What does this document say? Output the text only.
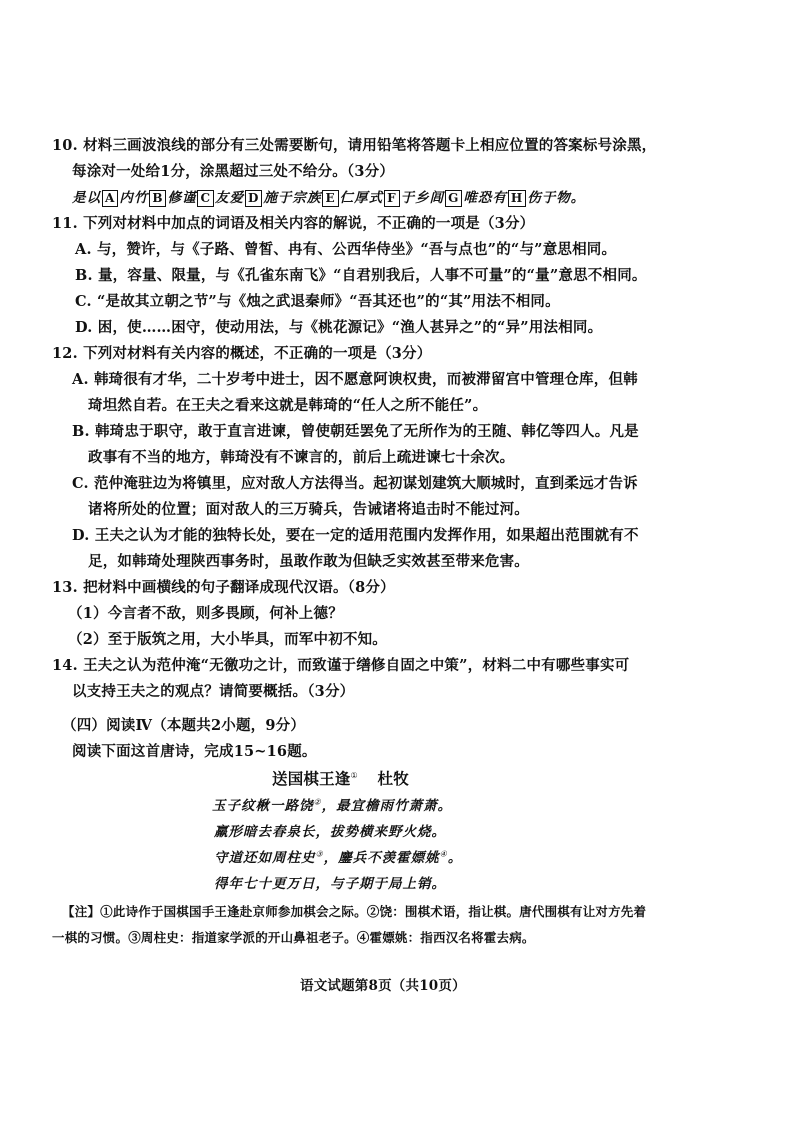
10. 材料三画波浪线的部分有三处需要断句，请用铅笔将答题卡上相应位置的答案标号涂黑，
每涂对一处给1分，涂黑超过三处不给分。（3分）
是以 A 内竹 B 修谨 C 友爱 D 施于宗族 E 仁厚式 F 于乡闾 G 唯恐有 H 伤于物。
11. 下列对材料中加点的词语及相关内容的解说，不正确的一项是（3分）
A. 与，赞许，与《子路、曾皙、冉有、公西华侍坐》“吾与点也”的“与”意思相同。
B. 量，容量、限量，与《孔雀东南飞》“自君别我后，人事不可量”的“量”意思不相同。
C. “是故其立朝之节”与《烛之武退秦师》“吾其还也”的“其”用法不相同。
D. 困，使……困守，使动用法，与《桃花源记》“渔人甚异之”的“异”用法相同。
12. 下列对材料有关内容的概述，不正确的一项是（3分）
A. 韩琦很有才华，二十岁考中进士，因不愿意阿谀权贵，而被滞留宫中管理仓库，但韩
琦坦然自若。在王夫之看来这就是韩琦的“任人之所不能任”。
B. 韩琦忠于职守，敢于直言进谏，曾使朝廷罢免了无所作为的王随、韩亿等四人。凡是
政事有不当的地方，韩琦没有不谏言的，前后上疏进谏七十余次。
C. 范仲淹驻边为将镇里，应对敌人方法得当。起初谋划建筑大顺城时，直到柔远才告诉
诸将所处的位置；面对敌人的三万骑兵，告诫诸将追击时不能过河。
D. 王夫之认为才能的独特长处，要在一定的适用范围内发挥作用，如果超出范围就有不
足，如韩琦处理陕西事务时，虽敢作敢为但缺乏实效甚至带来危害。
13. 把材料中画横线的句子翻译成现代汉语。（8分）
（1）今言者不敌，则多畏顾，何补上德？
（2）至于版筑之用，大小毕具，而军中初不知。
14. 王夫之认为范仲淹“无徼功之计，而致谨于缮修自固之中策”，材料二中有哪些事实可
以支持王夫之的观点？请简要概括。（3分）
（四）阅读Ⅳ（本题共2小题，9分）
阅读下面这首唐诗，完成15~16题。
送国棋王逢① 杜牧
玉子纹楸一路饶②，最宜檐雨竹萧萧。
羸形暗去春泉长，拔势横来野火烧。
守道还如周柱史③，鏖兵不羡霍嫖姚④。
得年七十更万日，与子期于局上销。
【注】①此诗作于国棋国手王逢赴京师参加棋会之际。②饶：围棋术语，指让棋。唐代围棋有让对方先着
一棋的习惯。③周柱史：指道家学派的开山鼻祖老子。④霍嫖姚：指西汉名将霍去病。
语文试题第8页（共10页）
